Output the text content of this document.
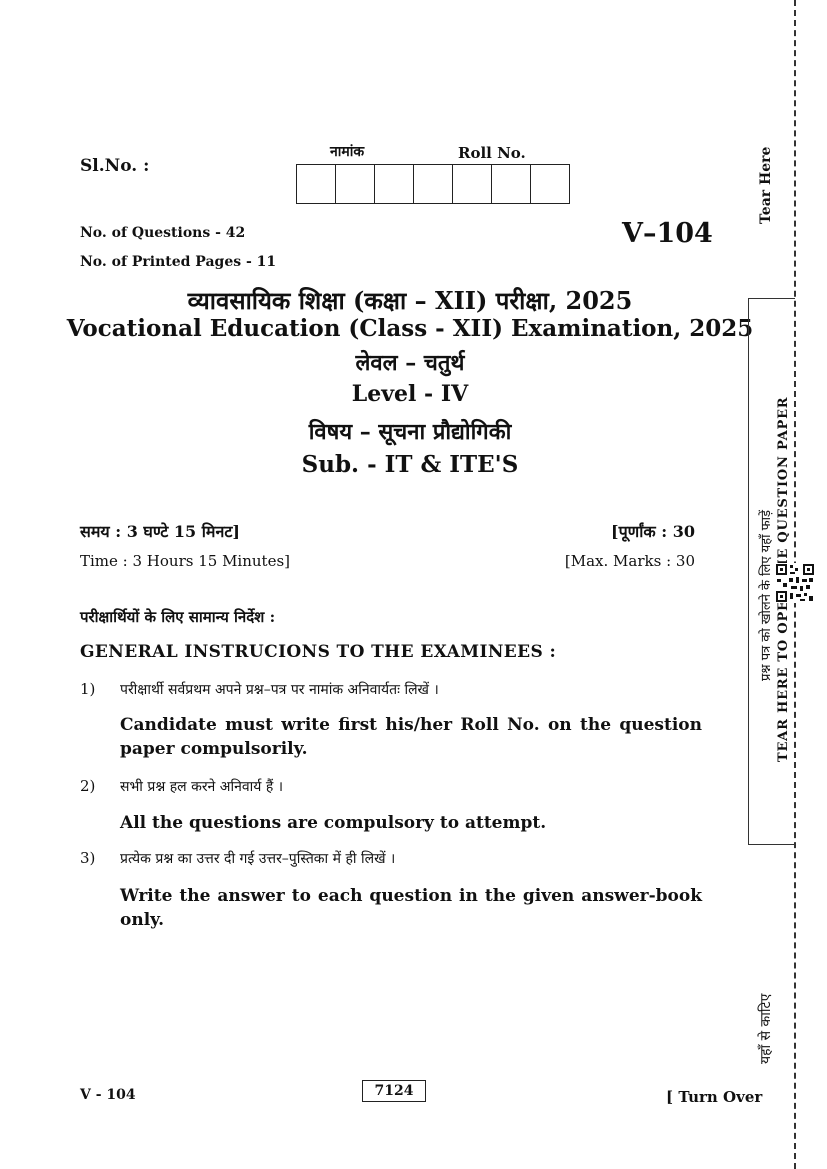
Sl.No. :
नामांक	Roll No.
No. of Questions - 42
No. of Printed Pages - 11
V–104
व्यावसायिक शिक्षा (कक्षा – XII) परीक्षा, 2025
Vocational Education (Class - XII) Examination, 2025
लेवल – चतुर्थ
Level - IV
विषय – सूचना प्रौद्योगिकी
Sub. - IT & ITE'S
समय : 3 घण्टे 15 मिनट]
Time : 3 Hours 15 Minutes]
[पूर्णांक : 30
[Max. Marks : 30
परीक्षार्थियों के लिए सामान्य निर्देश :
GENERAL INSTRUCIONS TO THE EXAMINEES :
1) परीक्षार्थी सर्वप्रथम अपने प्रश्न–पत्र पर नामांक अनिवार्यतः लिखें ।
Candidate must write first his/her Roll No. on the question paper compulsorily.
2) सभी प्रश्न हल करने अनिवार्य हैं ।
All the questions are compulsory to attempt.
3) प्रत्येक प्रश्न का उत्तर दी गई उत्तर–पुस्तिका में ही लिखें ।
Write the answer to each question in the given answer-book only.
V - 104	7124	[ Turn Over
Tear Here
प्रश्न पत्र को खोलने के लिए यहाँ फाड़ें
यहाँ से काटिए
